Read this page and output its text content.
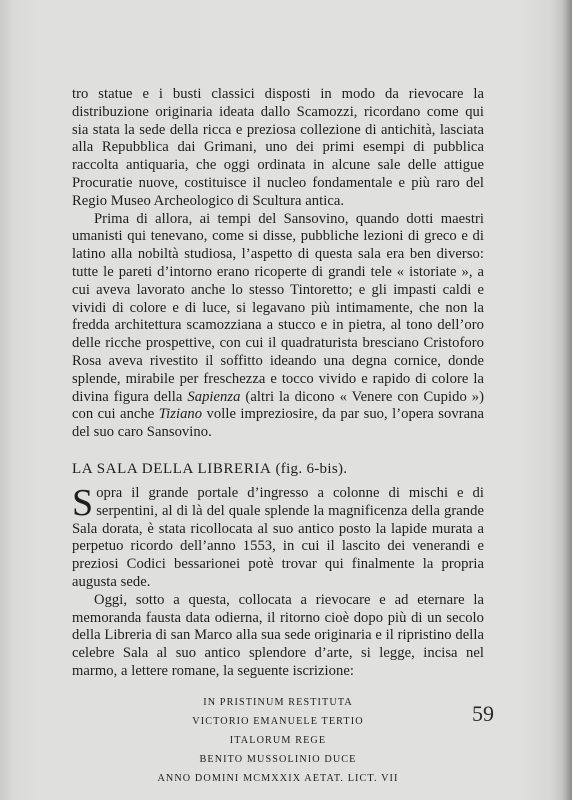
tro statue e i busti classici disposti in modo da rievocare la distribuzione originaria ideata dallo Scamozzi, ricordano come qui sia stata la sede della ricca e preziosa collezione di antichità, lasciata alla Repubblica dai Grimani, uno dei primi esempi di pubblica raccolta antiquaria, che oggi ordinata in alcune sale delle attigue Procuratie nuove, costituisce il nucleo fondamentale e più raro del Regio Museo Archeologico di Scultura antica.

Prima di allora, ai tempi del Sansovino, quando dotti maestri umanisti qui tenevano, come si disse, pubbliche lezioni di greco e di latino alla nobiltà studiosa, l’aspetto di questa sala era ben diverso: tutte le pareti d’intorno erano ricoperte di grandi tele « istoriate », a cui aveva lavorato anche lo stesso Tintoretto; e gli impasti caldi e vividi di colore e di luce, si legavano più intimamente, che non la fredda architettura scamozziana a stucco e in pietra, al tono dell’oro delle ricche prospettive, con cui il quadraturista bresciano Cristoforo Rosa aveva rivestito il soffitto ideando una degna cornice, donde splende, mirabile per freschezza e tocco vivido e rapido di colore la divina figura della Sapienza (altri la dicono « Venere con Cupido ») con cui anche Tiziano volle impreziosire, da par suo, l’opera sovrana del suo caro Sansovino.

LA SALA DELLA LIBRERIA (fig. 6-bis).

Sopra il grande portale d’ingresso a colonne di mischi e di serpentini, al di là del quale splende la magnificenza della grande Sala dorata, è stata ricollocata al suo antico posto la lapide murata a perpetuo ricordo dell’anno 1553, in cui il lascito dei venerandi e preziosi Codici bessarionei potè trovar qui finalmente la propria augusta sede.

Oggi, sotto a questa, collocata a rievocare e ad eternare la memoranda fausta data odierna, il ritorno cioè dopo più di un secolo della Libreria di san Marco alla sua sede originaria e il ripristino della celebre Sala al suo antico splendore d’arte, si legge, incisa nel marmo, a lettere romane, la seguente iscrizione:

IN PRISTINUM RESTITUTA
VICTORIO EMANUELE TERTIO
ITALORUM REGE
BENITO MUSSOLINIO DUCE
ANNO DOMINI MCMXXIX AETAT. LICT. VII
59
